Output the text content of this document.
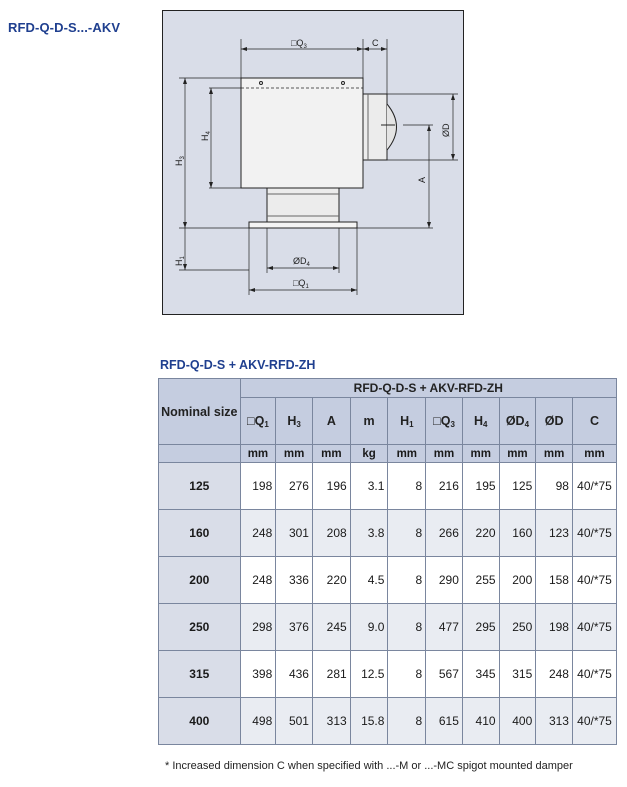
RFD-Q-D-S...-AKV
$□Q_3$	C
$H_3$
$H_4$
$H_1$
ØD
A
$ØD_4$
$□Q_1$
RFD-Q-D-S + AKV-RFD-ZH
Nominal size	RFD-Q-D-S + AKV-RFD-ZH									
	$□Q_1$	$H_3$	A	m	$H_1$	$□Q_3$	$H_4$	$ØD_4$	ØD	C
	mm	mm	mm	kg	mm	mm	mm	mm	mm	mm
125	198	276	196	3.1	8	216	195	125	98	40/*75
160	248	301	208	3.8	8	266	220	160	123	40/*75
200	248	336	220	4.5	8	290	255	200	158	40/*75
250	298	376	245	9.0	8	477	295	250	198	40/*75
315	398	436	281	12.5	8	567	345	315	248	40/*75
400	498	501	313	15.8	8	615	410	400	313	40/*75
* Increased dimension C when specified with ...-M or ...-MC spigot mounted damper
